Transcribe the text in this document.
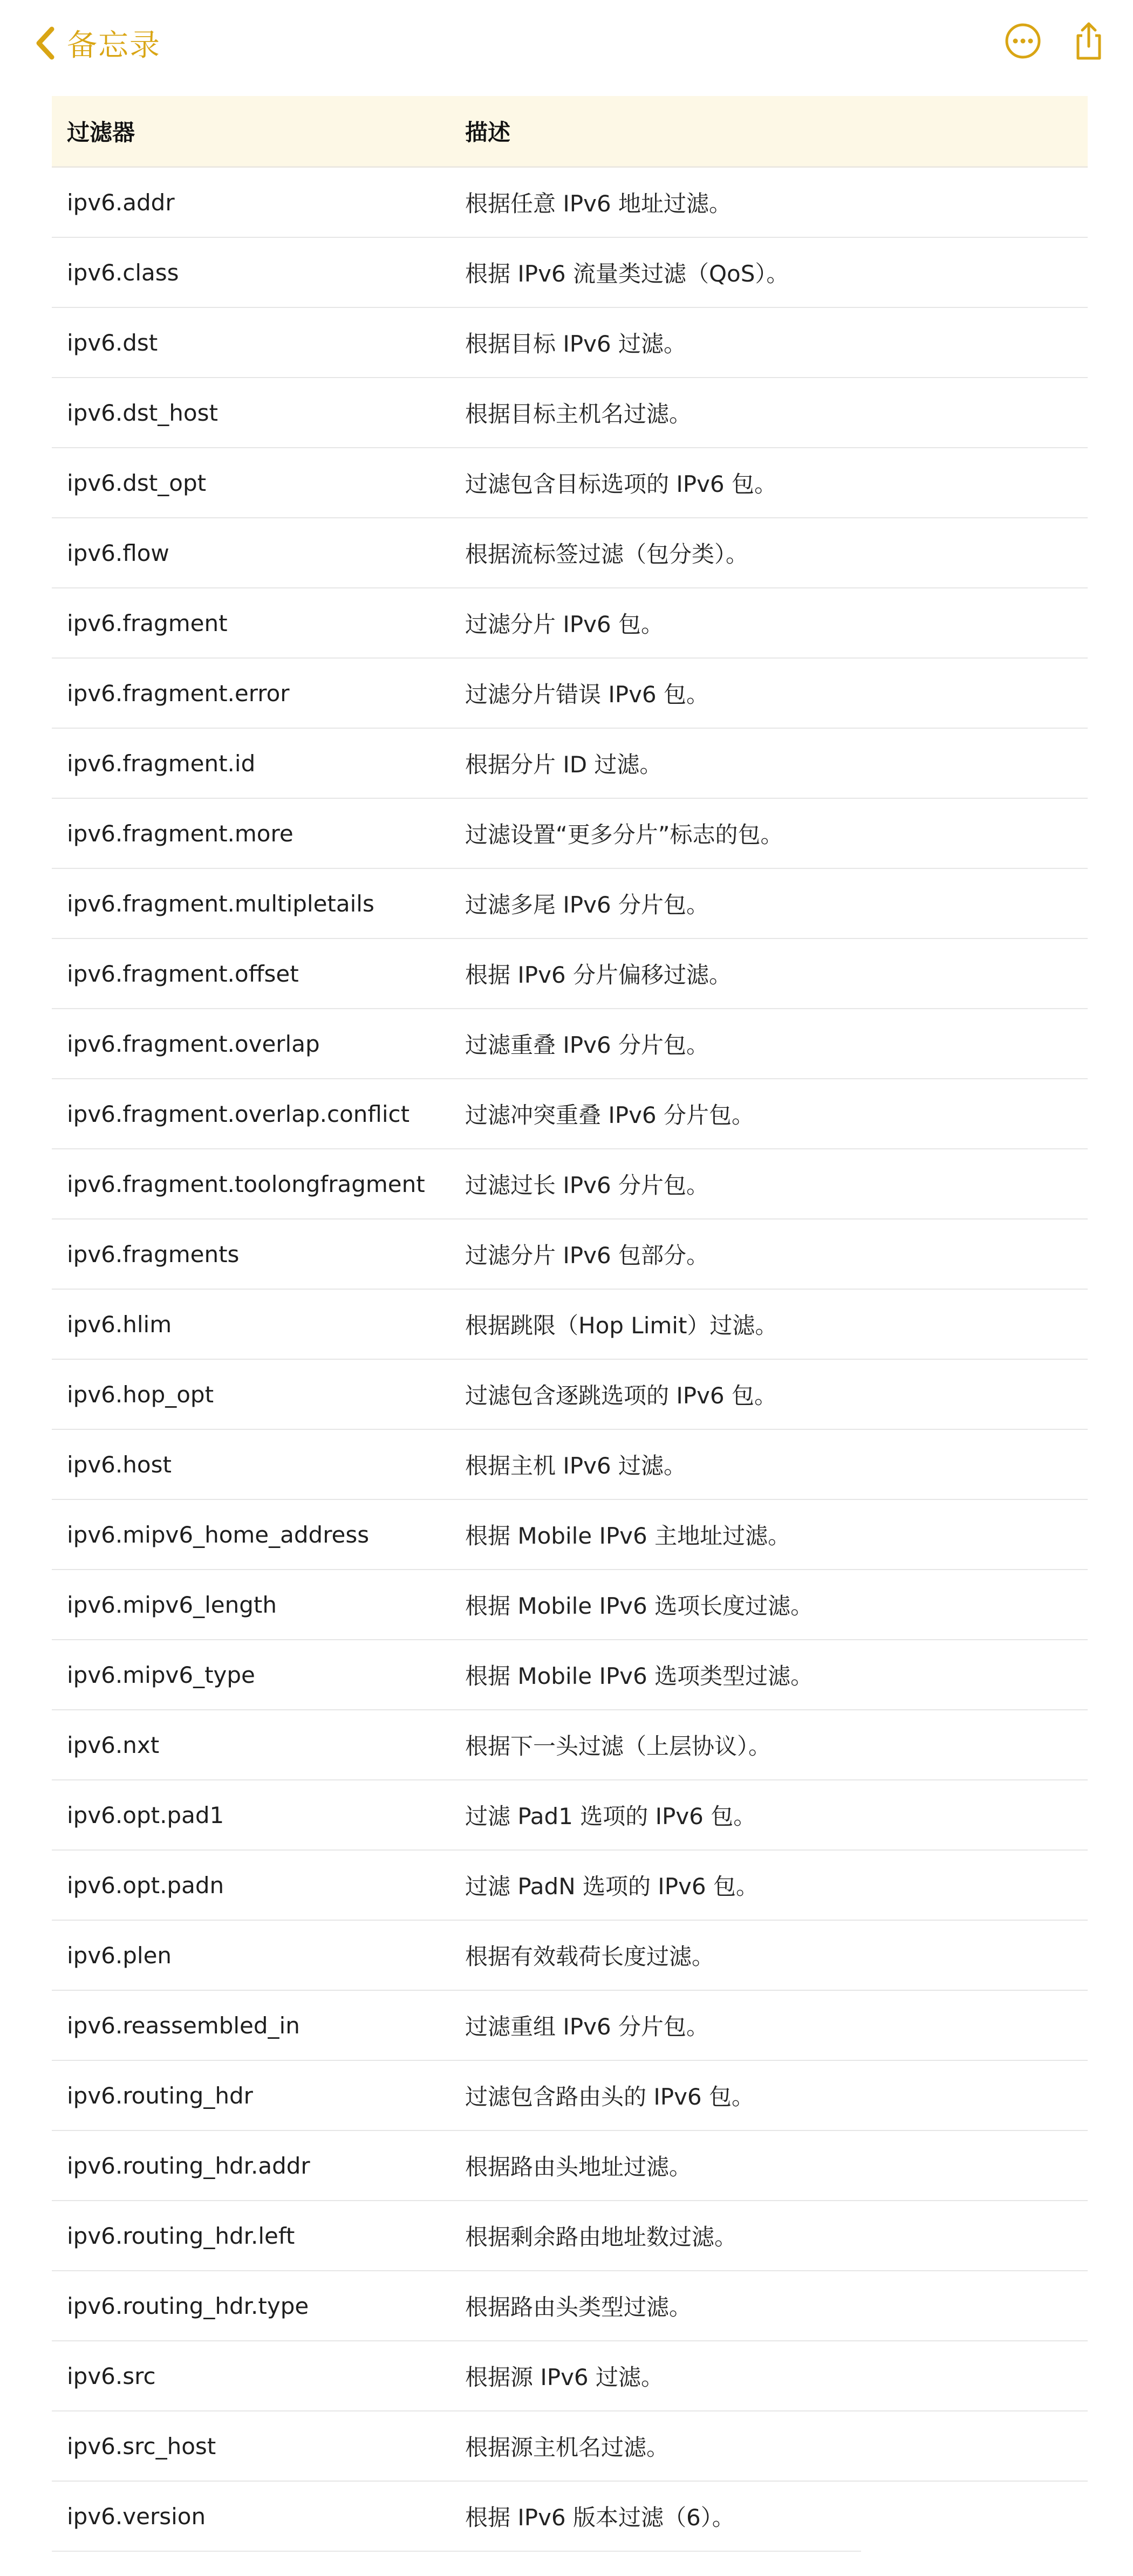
备忘录
过滤器	描述
ipv6.addr	根据任意 IPv6 地址过滤。
ipv6.class	根据 IPv6 流量类过滤（QoS）。
ipv6.dst	根据目标 IPv6 过滤。
ipv6.dst_host	根据目标主机名过滤。
ipv6.dst_opt	过滤包含目标选项的 IPv6 包。
ipv6.flow	根据流标签过滤（包分类）。
ipv6.fragment	过滤分片 IPv6 包。
ipv6.fragment.error	过滤分片错误 IPv6 包。
ipv6.fragment.id	根据分片 ID 过滤。
ipv6.fragment.more	过滤设置“更多分片”标志的包。
ipv6.fragment.multipletails	过滤多尾 IPv6 分片包。
ipv6.fragment.offset	根据 IPv6 分片偏移过滤。
ipv6.fragment.overlap	过滤重叠 IPv6 分片包。
ipv6.fragment.overlap.conflict 过滤冲突重叠 IPv6 分片包。
ipv6.fragment.toolongfragment 过滤过长 IPv6 分片包。
ipv6.fragments	过滤分片 IPv6 包部分。
ipv6.hlim	根据跳限（Hop Limit）过滤。
ipv6.hop_opt	过滤包含逐跳选项的 IPv6 包。
ipv6.host	根据主机 IPv6 过滤。
ipv6.mipv6_home_address	根据 Mobile IPv6 主地址过滤。
ipv6.mipv6_length	根据 Mobile IPv6 选项长度过滤。
ipv6.mipv6_type	根据 Mobile IPv6 选项类型过滤。
ipv6.nxt	根据下一头过滤（上层协议）。
ipv6.opt.pad1	过滤 Pad1 选项的 IPv6 包。
ipv6.opt.padn	过滤 PadN 选项的 IPv6 包。
ipv6.plen	根据有效载荷长度过滤。
ipv6.reassembled_in	过滤重组 IPv6 分片包。
ipv6.routing_hdr	过滤包含路由头的 IPv6 包。
ipv6.routing_hdr.addr	根据路由头地址过滤。
ipv6.routing_hdr.left	根据剩余路由地址数过滤。
ipv6.routing_hdr.type	根据路由头类型过滤。
ipv6.src	根据源 IPv6 过滤。
ipv6.src_host	根据源主机名过滤。
ipv6.version	根据 IPv6 版本过滤（6）。
